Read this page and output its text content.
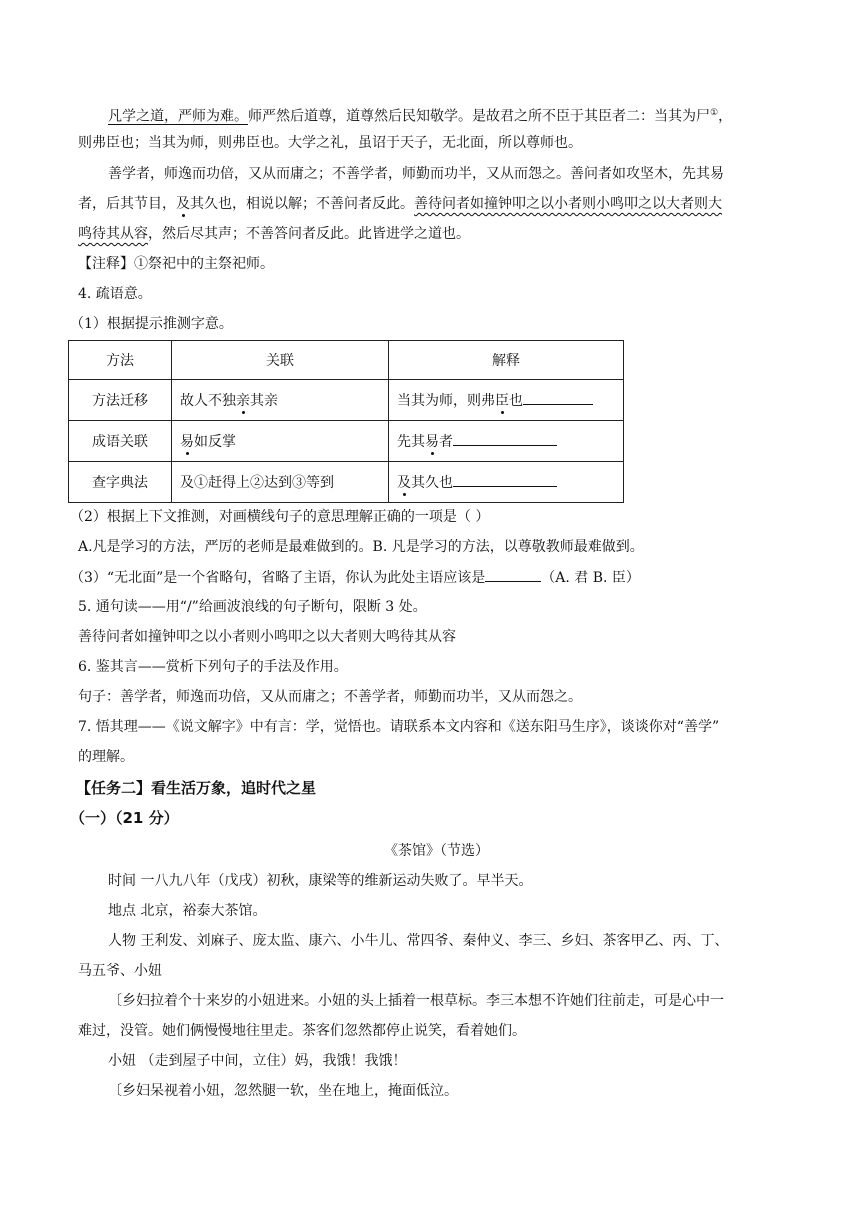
凡学之道，严师为难。师严然后道尊，道尊然后民知敬学。是故君之所不臣于其臣者二：当其为尸①，
则弗臣也；当其为师，则弗臣也。大学之礼，虽诏于天子，无北面，所以尊师也。
善学者，师逸而功倍，又从而庸之；不善学者，师勤而功半，又从而怨之。善问者如攻坚木，先其易
者，后其节目，及其久也，相说以解；不善问者反此。善待问者如撞钟叩之以小者则小鸣叩之以大者则大
鸣待其从容，然后尽其声；不善答问者反此。此皆进学之道也。
【注释】①祭祀中的主祭祀师。
4. 疏语意。
（1）根据提示推测字意。
方法	关联	解释
方法迁移	故人不独亲其亲	当其为师，则弗臣也
成语关联	易如反掌	先其易者
查字典法	及①赶得上②达到③等到	及其久也
（2）根据上下文推测，对画横线句子的意思理解正确的一项是（ ）
A.凡是学习的方法，严厉的老师是最难做到的。B. 凡是学习的方法，以尊敬教师最难做到。
（3）“无北面”是一个省略句，省略了主语，你认为此处主语应该是	（A. 君 B. 臣）
5. 通句读——用“/”给画波浪线的句子断句，限断 3 处。
善待问者如撞钟叩之以小者则小鸣叩之以大者则大鸣待其从容
6. 鉴其言——赏析下列句子的手法及作用。
句子：善学者，师逸而功倍，又从而庸之；不善学者，师勤而功半，又从而怨之。
7. 悟其理——《说文解字》中有言：学，觉悟也。请联系本文内容和《送东阳马生序》，谈谈你对“善学”
的理解。
【任务二】看生活万象，追时代之星
（一）（21 分）
《茶馆》（节选）
时间 一八九八年（戊戌）初秋，康梁等的维新运动失败了。早半天。
地点 北京，裕泰大茶馆。
人物 王利发、刘麻子、庞太监、康六、小牛儿、常四爷、秦仲义、李三、乡妇、茶客甲乙、丙、丁、
马五爷、小妞
〔乡妇拉着个十来岁的小妞进来。小妞的头上插着一根草标。李三本想不许她们往前走，可是心中一
难过，没管。她们俩慢慢地往里走。茶客们忽然都停止说笑，看着她们。
小妞 （走到屋子中间，立住）妈，我饿！我饿！
〔乡妇呆视着小妞，忽然腿一软，坐在地上，掩面低泣。
